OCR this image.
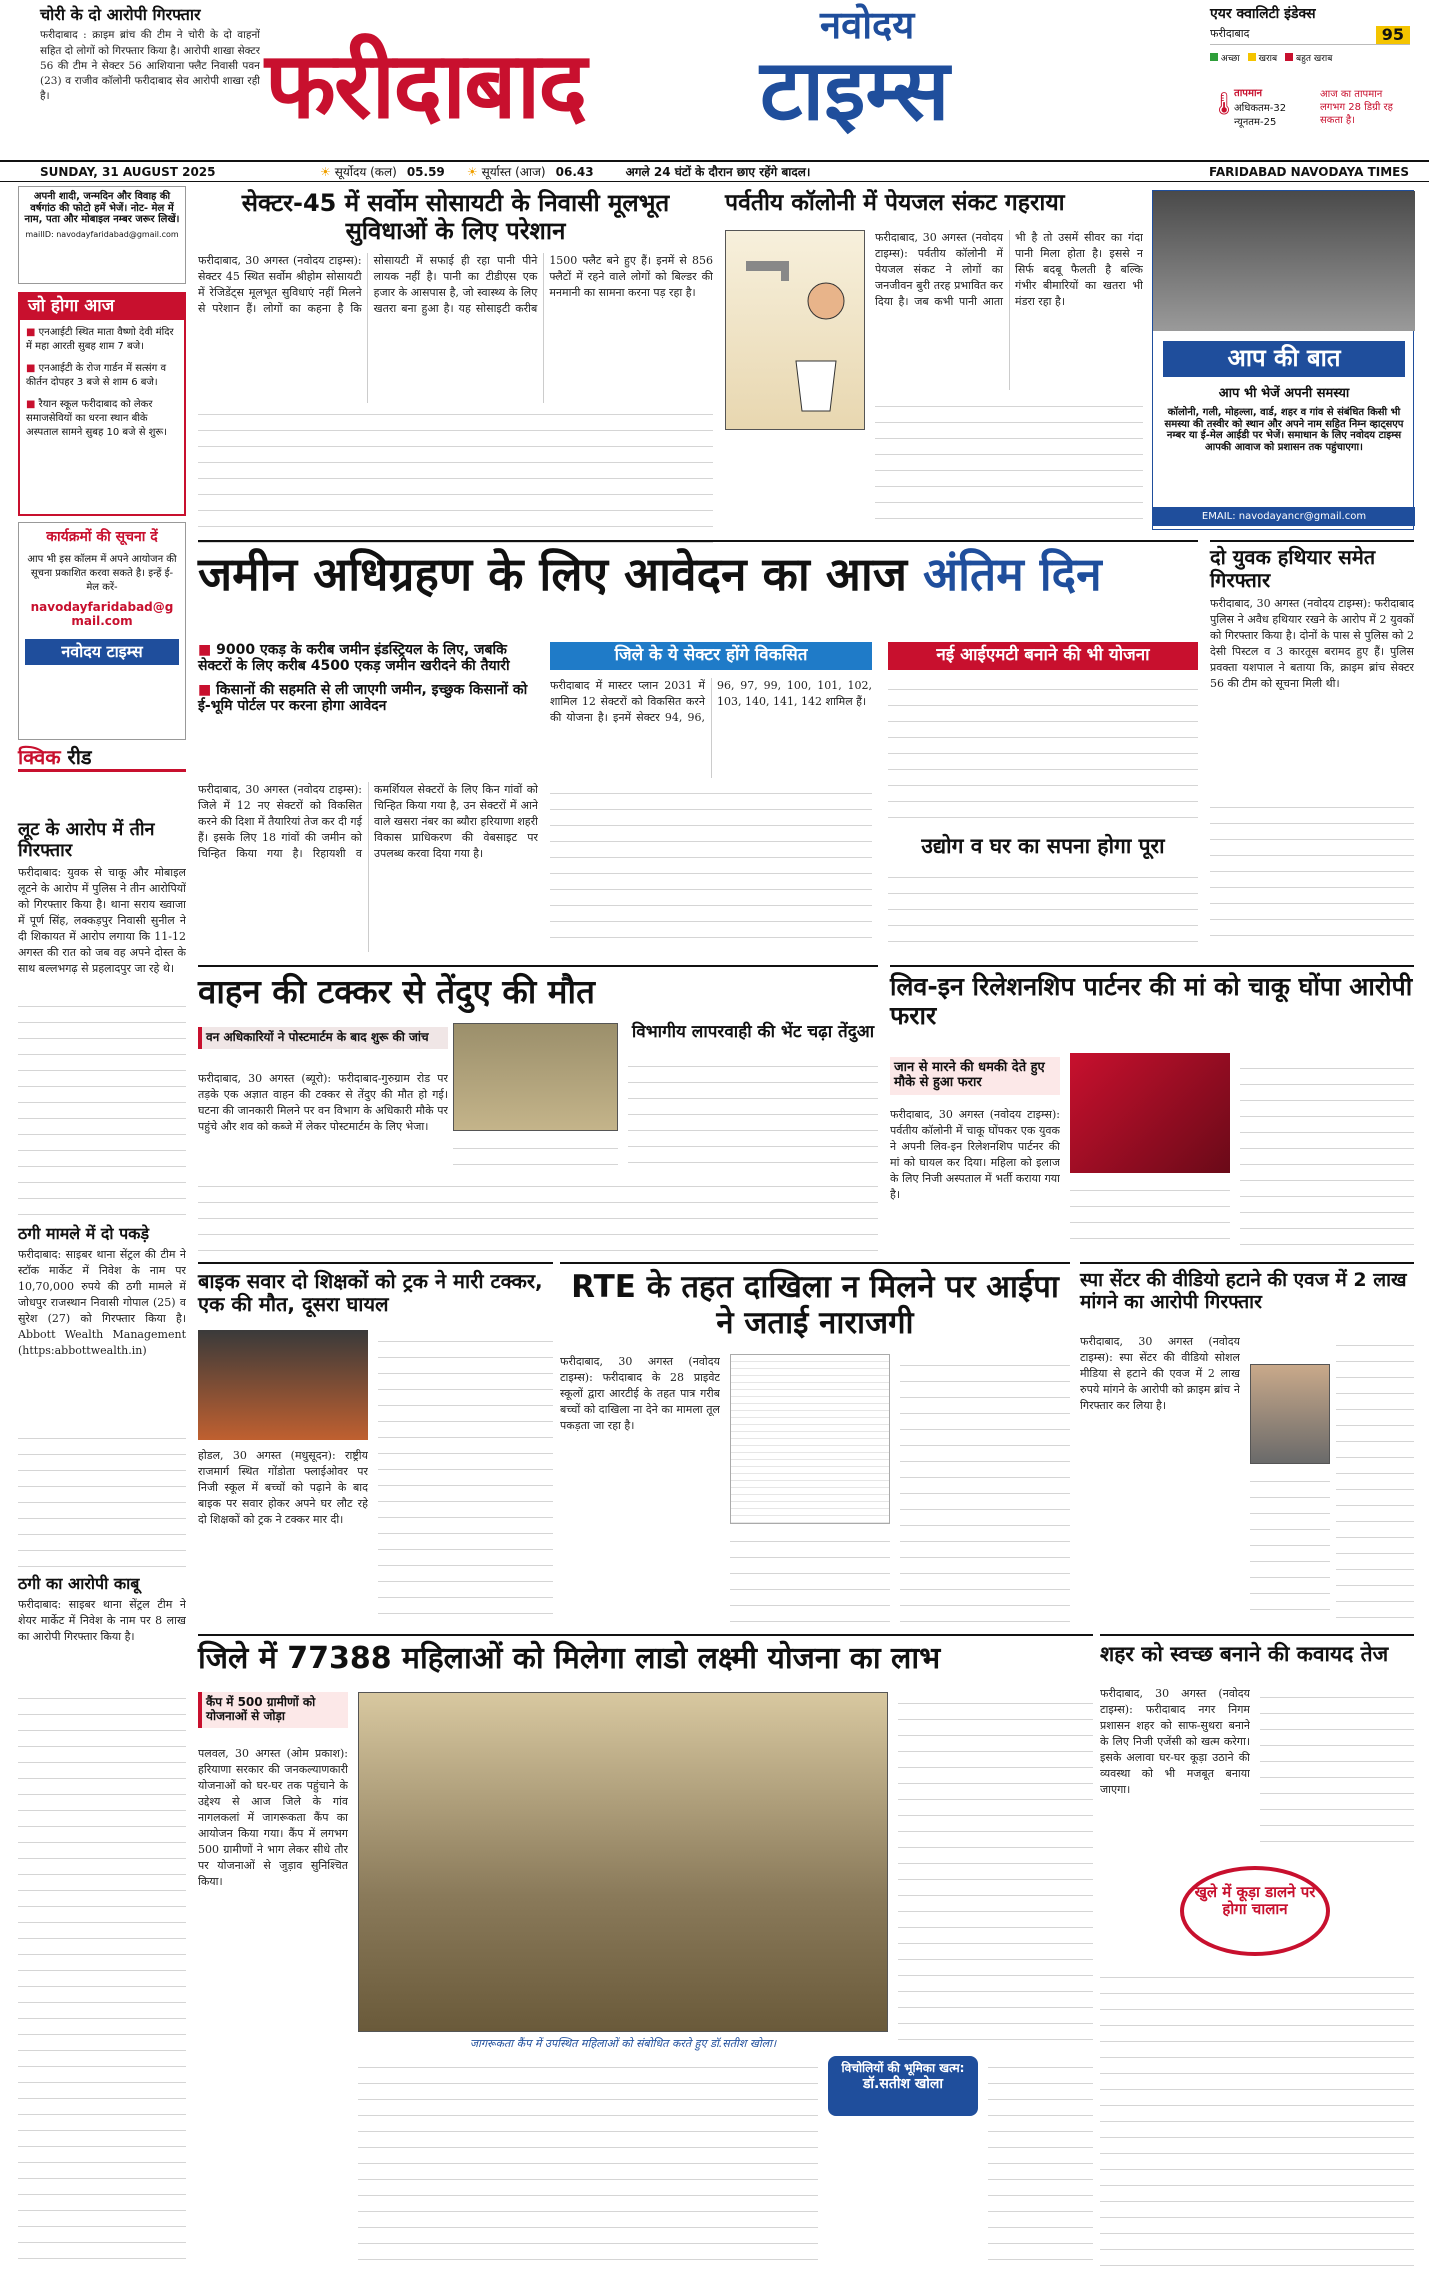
चोरी के दो आरोपी गिरफ्तार
फरीदाबाद : क्राइम ब्रांच की टीम ने चोरी के दो वाहनों सहित दो लोगों को गिरफ्तार किया है। आरोपी शाखा सेक्टर 56 की टीम ने सेक्टर 56 आशियाना फ्लैट निवासी पवन (23) व राजीव कॉलोनी फरीदाबाद सेव आरोपी शाखा रही है।	फरीदाबाद
नवोदय
टाइम्स
एयर क्वालिटी इंडेक्स
फरीदाबाद	95
अच्छा	खराब	बहुत खराब
🌡
तापमान
अधिकतम-32
न्यूनतम-25
आज का तापमान लगभग 28 डिग्री रह सकता है।
SUNDAY, 31 AUGUST 2025	☀ सूर्योदय (कल) 05.59	☀ सूर्यास्त (आज) 06.43	अगले 24 घंटों के दौरान छाए रहेंगे बादल।	FARIDABAD NAVODAYA TIMES
अपनी शादी, जन्मदिन और विवाह की वर्षगांठ की फोटो हमें भेजें। नोट- मेल में नाम, पता और मोबाइल नम्बर जरूर लिखें।
mailID: navodayfaridabad@gmail.com
जो होगा आज
■ एनआईटी स्थित माता वैष्णो देवी मंदिर में महा आरती सुबह शाम 7 बजे।
■ एनआईटी के रोज गार्डन में सत्संग व कीर्तन दोपहर 3 बजे से शाम 6 बजे।
■ रैयान स्कूल फरीदाबाद को लेकर समाजसेवियों का धरना स्थान बीके अस्पताल सामने सुबह 10 बजे से शुरू।
कार्यक्रमों की सूचना दें
आप भी इस कॉलम में अपने आयोजन की सूचना प्रकाशित करवा सकते है। इन्हें ई-मेल करें-
navodayfaridabad@gmail.com
नवोदय टाइम्स
क्विक रीड
लूट के आरोप में तीन गिरफ्तार
फरीदाबाद: युवक से चाकू और मोबाइल लूटने के आरोप में पुलिस ने तीन आरोपियों को गिरफ्तार किया है। थाना सराय ख्वाजा में पूर्ण सिंह, लक्कड़पुर निवासी सुनील ने दी शिकायत में आरोप लगाया कि 11-12 अगस्त की रात को जब वह अपने दोस्त के साथ बल्लभगढ़ से प्रहलादपुर जा रहे थे।
ठगी मामले में दो पकड़े
फरीदाबाद: साइबर थाना सेंट्रल की टीम ने स्टॉक मार्केट में निवेश के नाम पर 10,70,000 रुपये की ठगी मामले में जोधपुर राजस्थान निवासी गोपाल (25) व सुरेश (27) को गिरफ्तार किया है। Abbott Wealth Management (https:abbottwealth.in)
ठगी का आरोपी काबू
फरीदाबाद: साइबर थाना सेंट्रल टीम ने शेयर मार्केट में निवेश के नाम पर 8 लाख का आरोपी गिरफ्तार किया है।
सेक्टर-45 में सर्वोम सोसायटी के निवासी मूलभूत सुविधाओं के लिए परेशान
फरीदाबाद, 30 अगस्त (नवोदय टाइम्स): सेक्टर 45 स्थित सर्वोम श्रीहोम सोसायटी में रेजिडेंट्स मूलभूत सुविधाएं नहीं मिलने से परेशान हैं। लोगों का कहना है कि सोसायटी में सफाई ही रहा पानी पीने लायक नहीं है। पानी का टीडीएस एक हजार के आसपास है, जो स्वास्थ्य के लिए खतरा बना हुआ है। यह सोसाइटी करीब 1500 फ्लैट बने हुए हैं। इनमें से 856 फ्लैटों में रहने वाले लोगों को बिल्डर की मनमानी का सामना करना पड़ रहा है।
पर्वतीय कॉलोनी में पेयजल संकट गहराया
फरीदाबाद, 30 अगस्त (नवोदय टाइम्स): पर्वतीय कॉलोनी में पेयजल संकट ने लोगों का जनजीवन बुरी तरह प्रभावित कर दिया है। जब कभी पानी आता भी है तो उसमें सीवर का गंदा पानी मिला होता है। इससे न सिर्फ बदबू फैलती है बल्कि गंभीर बीमारियों का खतरा भी मंडरा रहा है।
आप की बात
आप भी भेजें अपनी समस्या
कॉलोनी, गली, मोहल्ला, वार्ड, शहर व गांव से संबंधित किसी भी समस्या की तस्वीर को स्थान और अपने नाम सहित निम्न व्हाट्सएप नम्बर या ई-मेल आईडी पर भेजें। समाधान के लिए नवोदय टाइम्स आपकी आवाज को प्रशासन तक पहुंचाएगा।
EMAIL: navodayancr@gmail.com
जमीन अधिग्रहण के लिए आवेदन का आज अंतिम दिन
■ 9000 एकड़ के करीब जमीन इंडस्ट्रियल के लिए, जबकि सेक्टरों के लिए करीब 4500 एकड़ जमीन खरीदने की तैयारी
■ किसानों की सहमति से ली जाएगी जमीन, इच्छुक किसानों को ई-भूमि पोर्टल पर करना होगा आवेदन
जिले के ये सेक्टर होंगे विकसित
फरीदाबाद में मास्टर प्लान 2031 में शामिल 12 सेक्टरों को विकसित करने की योजना है। इनमें सेक्टर 94, 96, 96, 97, 99, 100, 101, 102, 103, 140, 141, 142 शामिल हैं।
नई आईएमटी बनाने की भी योजना
उद्योग व घर का सपना होगा पूरा
फरीदाबाद, 30 अगस्त (नवोदय टाइम्स): जिले में 12 नए सेक्टरों को विकसित करने की दिशा में तैयारियां तेज कर दी गई हैं। इसके लिए 18 गांवों की जमीन को चिन्हित किया गया है। रिहायशी व कमर्शियल सेक्टरों के लिए किन गांवों को चिन्हित किया गया है, उन सेक्टरों में आने वाले खसरा नंबर का ब्यौरा हरियाणा शहरी विकास प्राधिकरण की वेबसाइट पर उपलब्ध करवा दिया गया है।
दो युवक हथियार समेत गिरफ्तार
फरीदाबाद, 30 अगस्त (नवोदय टाइम्स): फरीदाबाद पुलिस ने अवैध हथियार रखने के आरोप में 2 युवकों को गिरफ्तार किया है। दोनों के पास से पुलिस को 2 देसी पिस्टल व 3 कारतूस बरामद हुए हैं। पुलिस प्रवक्ता यशपाल ने बताया कि, क्राइम ब्रांच सेक्टर 56 की टीम को सूचना मिली थी।
वाहन की टक्कर से तेंदुए की मौत
वन अधिकारियों ने पोस्टमार्टम के बाद शुरू की जांच	विभागीय लापरवाही की भेंट चढ़ा तेंदुआ
फरीदाबाद, 30 अगस्त (ब्यूरो): फरीदाबाद-गुरुग्राम रोड पर तड़के एक अज्ञात वाहन की टक्कर से तेंदुए की मौत हो गई। घटना की जानकारी मिलने पर वन विभाग के अधिकारी मौके पर पहुंचे और शव को कब्जे में लेकर पोस्टमार्टम के लिए भेजा।
लिव-इन रिलेशनशिप पार्टनर की मां को चाकू घोंपा आरोपी फरार
जान से मारने की धमकी देते हुए मौके से हुआ फरार
फरीदाबाद, 30 अगस्त (नवोदय टाइम्स): पर्वतीय कॉलोनी में चाकू घोंपकर एक युवक ने अपनी लिव-इन रिलेशनशिप पार्टनर की मां को घायल कर दिया। महिला को इलाज के लिए निजी अस्पताल में भर्ती कराया गया है।
बाइक सवार दो शिक्षकों को ट्रक ने मारी टक्कर, एक की मौत, दूसरा घायल
होडल, 30 अगस्त (मधुसूदन): राष्ट्रीय राजमार्ग स्थित गोंडोता फ्लाईओवर पर निजी स्कूल में बच्चों को पढ़ाने के बाद बाइक पर सवार होकर अपने घर लौट रहे दो शिक्षकों को ट्रक ने टक्कर मार दी।
RTE के तहत दाखिला न मिलने पर आईपा ने जताई नाराजगी
फरीदाबाद, 30 अगस्त (नवोदय टाइम्स): फरीदाबाद के 28 प्राइवेट स्कूलों द्वारा आरटीई के तहत पात्र गरीब बच्चों को दाखिला ना देने का मामला तूल पकड़ता जा रहा है।
स्पा सेंटर की वीडियो हटाने की एवज में 2 लाख मांगने का आरोपी गिरफ्तार
फरीदाबाद, 30 अगस्त (नवोदय टाइम्स): स्पा सेंटर की वीडियो सोशल मीडिया से हटाने की एवज में 2 लाख रुपये मांगने के आरोपी को क्राइम ब्रांच ने गिरफ्तार कर लिया है।
जिले में 77388 महिलाओं को मिलेगा लाडो लक्ष्मी योजना का लाभ
कैंप में 500 ग्रामीणों को योजनाओं से जोड़ा
पलवल, 30 अगस्त (ओम प्रकाश): हरियाणा सरकार की जनकल्याणकारी योजनाओं को घर-घर तक पहुंचाने के उद्देश्य से आज जिले के गांव नागलकलां में जागरूकता कैंप का आयोजन किया गया। कैंप में लगभग 500 ग्रामीणों ने भाग लेकर सीधे तौर पर योजनाओं से जुड़ाव सुनिश्चित किया।
जागरूकता कैंप में उपस्थित महिलाओं को संबोधित करते हुए डॉ.सतीश खोला।
विचोलियों की भूमिका खत्म:
डॉ.सतीश खोला
शहर को स्वच्छ बनाने की कवायद तेज
फरीदाबाद, 30 अगस्त (नवोदय टाइम्स): फरीदाबाद नगर निगम प्रशासन शहर को साफ-सुथरा बनाने के लिए निजी एजेंसी को खत्म करेगा। इसके अलावा घर-घर कूड़ा उठाने की व्यवस्था को भी मजबूत बनाया जाएगा।
खुले में कूड़ा डालने पर होगा चालान
